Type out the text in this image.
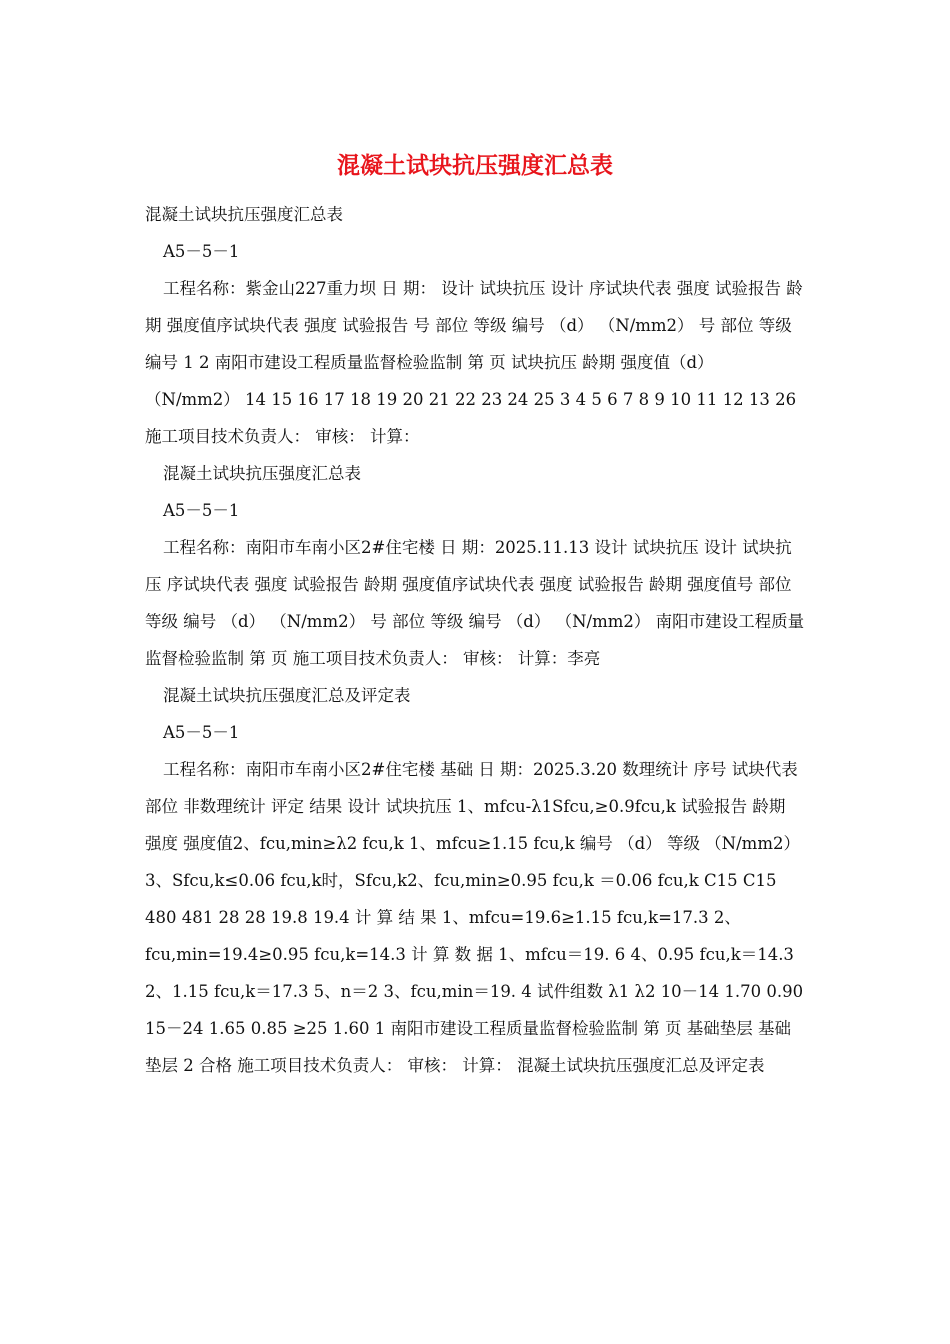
混凝土试块抗压强度汇总表

混凝土试块抗压强度汇总表

A5－5－1

工程名称：紫金山227重力坝 日 期： 设计 试块抗压 设计 序试块代表 强度 试验报告 龄期 强度值序试块代表 强度 试验报告 号 部位 等级 编号 （d） （N/mm2） 号 部位 等级 编号 1 2 南阳市建设工程质量监督检验监制 第 页 试块抗压 龄期 强度值（d） （N/mm2） 14 15 16 17 18 19 20 21 22 23 24 25 3 4 5 6 7 8 9 10 11 12 13 26 施工项目技术负责人： 审核： 计算：

混凝土试块抗压强度汇总表

A5－5－1

工程名称：南阳市车南小区2#住宅楼 日 期：2025.11.13 设计 试块抗压 设计 试块抗压 序试块代表 强度 试验报告 龄期 强度值序试块代表 强度 试验报告 龄期 强度值号 部位 等级 编号 （d） （N/mm2） 号 部位 等级 编号 （d） （N/mm2） 南阳市建设工程质量监督检验监制 第 页 施工项目技术负责人： 审核： 计算：李亮

混凝土试块抗压强度汇总及评定表

A5－5－1

工程名称：南阳市车南小区2#住宅楼 基础 日 期：2025.3.20 数理统计 序号 试块代表 部位 非数理统计 评定 结果 设计 试块抗压 1、mfcu-λ1Sfcu,≥0.9fcu,k 试验报告 龄期 强度 强度值2、fcu,min≥λ2 fcu,k 1、mfcu≥1.15 fcu,k 编号 （d） 等级 （N/mm2） 3、Sfcu,k≤0.06 fcu,k时，Sfcu,k2、fcu,min≥0.95 fcu,k ＝0.06 fcu,k C15 C15 480 481 28 28 19.8 19.4 计 算 结 果 1、mfcu=19.6≥1.15 fcu,k=17.3 2、fcu,min=19.4≥0.95 fcu,k=14.3 计 算 数 据 1、mfcu＝19. 6 4、0.95 fcu,k＝14.3 2、1.15 fcu,k＝17.3 5、n＝2 3、fcu,min＝19. 4 试件组数 λ1 λ2 10－14 1.70 0.90 15－24 1.65 0.85 ≥25 1.60 1 南阳市建设工程质量监督检验监制 第 页 基础垫层 基础垫层 2 合格 施工项目技术负责人： 审核： 计算： 混凝土试块抗压强度汇总及评定表
